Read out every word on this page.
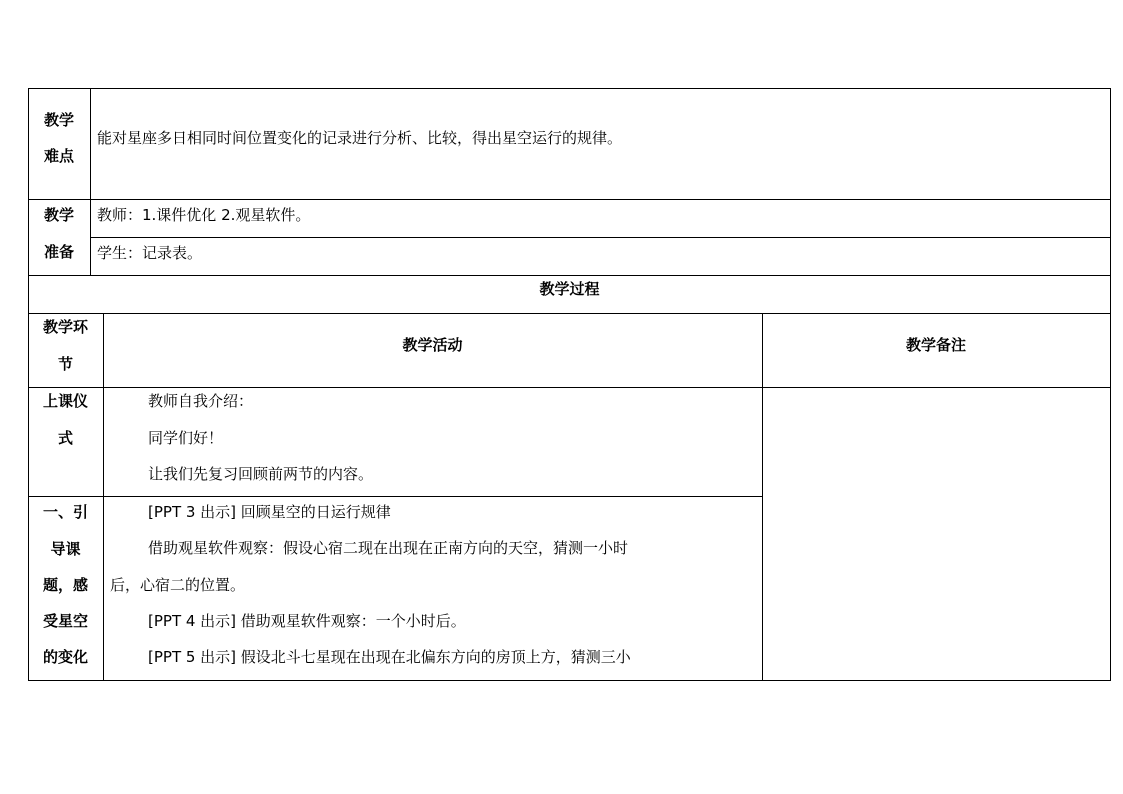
教学
难点
能对星座多日相同时间位置变化的记录进行分析、比较，得出星空运行的规律。
教学
准备
教师：1.课件优化 2.观星软件。
学生：记录表。
教学过程
教学环
节
教学活动	教学备注
上课仪
式
教师自我介绍：
同学们好！
让我们先复习回顾前两节的内容。
一、引
导课
题，感
受星空
的变化
[PPT 3 出示] 回顾星空的日运行规律
借助观星软件观察：假设心宿二现在出现在正南方向的天空，猜测一小时
后，心宿二的位置。
[PPT 4 出示] 借助观星软件观察：一个小时后。
[PPT 5 出示] 假设北斗七星现在出现在北偏东方向的房顶上方，猜测三小
